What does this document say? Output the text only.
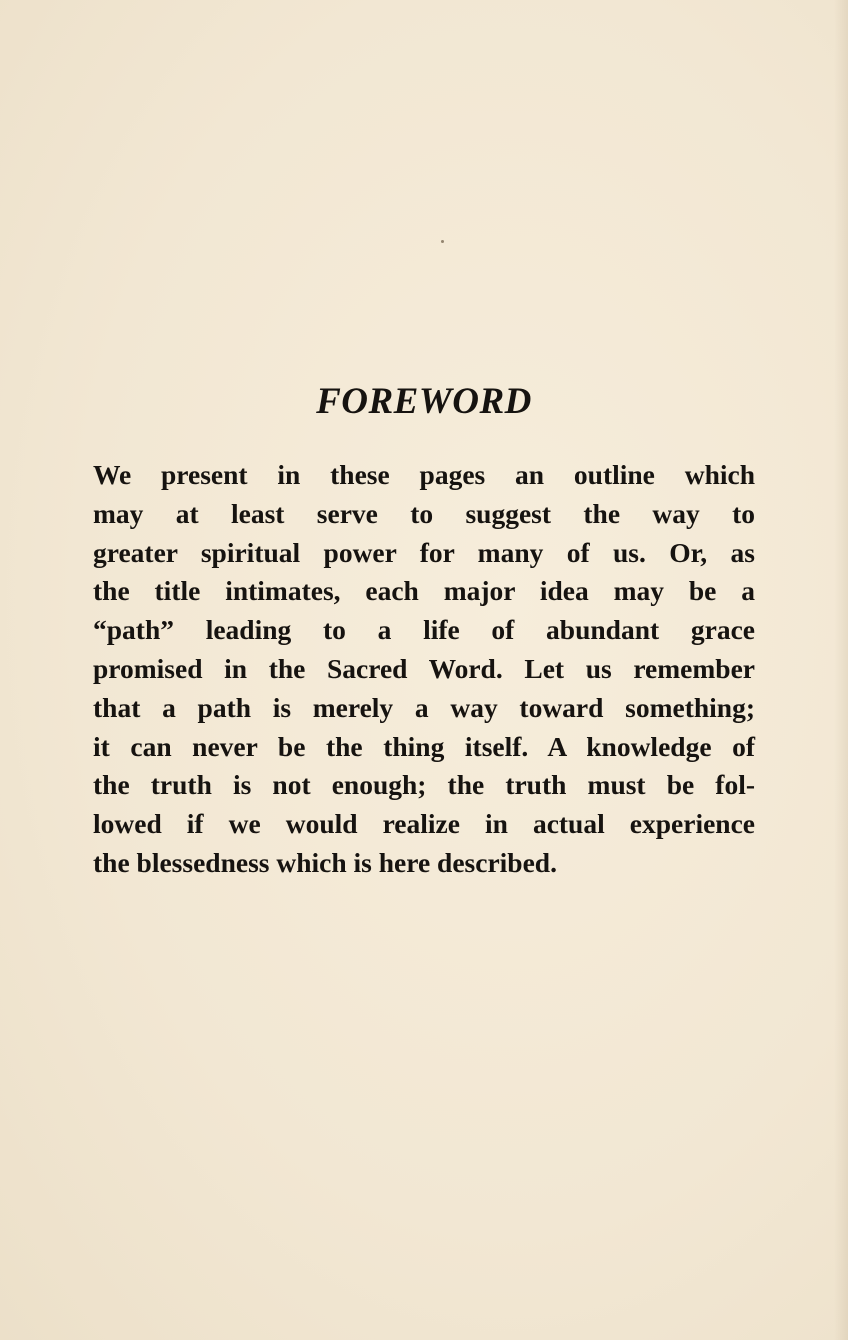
FOREWORD
We present in these pages an outline which
may at least serve to suggest the way to
greater spiritual power for many of us. Or, as
the title intimates, each major idea may be a
“path” leading to a life of abundant grace
promised in the Sacred Word. Let us remember
that a path is merely a way toward something;
it can never be the thing itself. A knowledge of
the truth is not enough; the truth must be fol-
lowed if we would realize in actual experience
the blessedness which is here described.
